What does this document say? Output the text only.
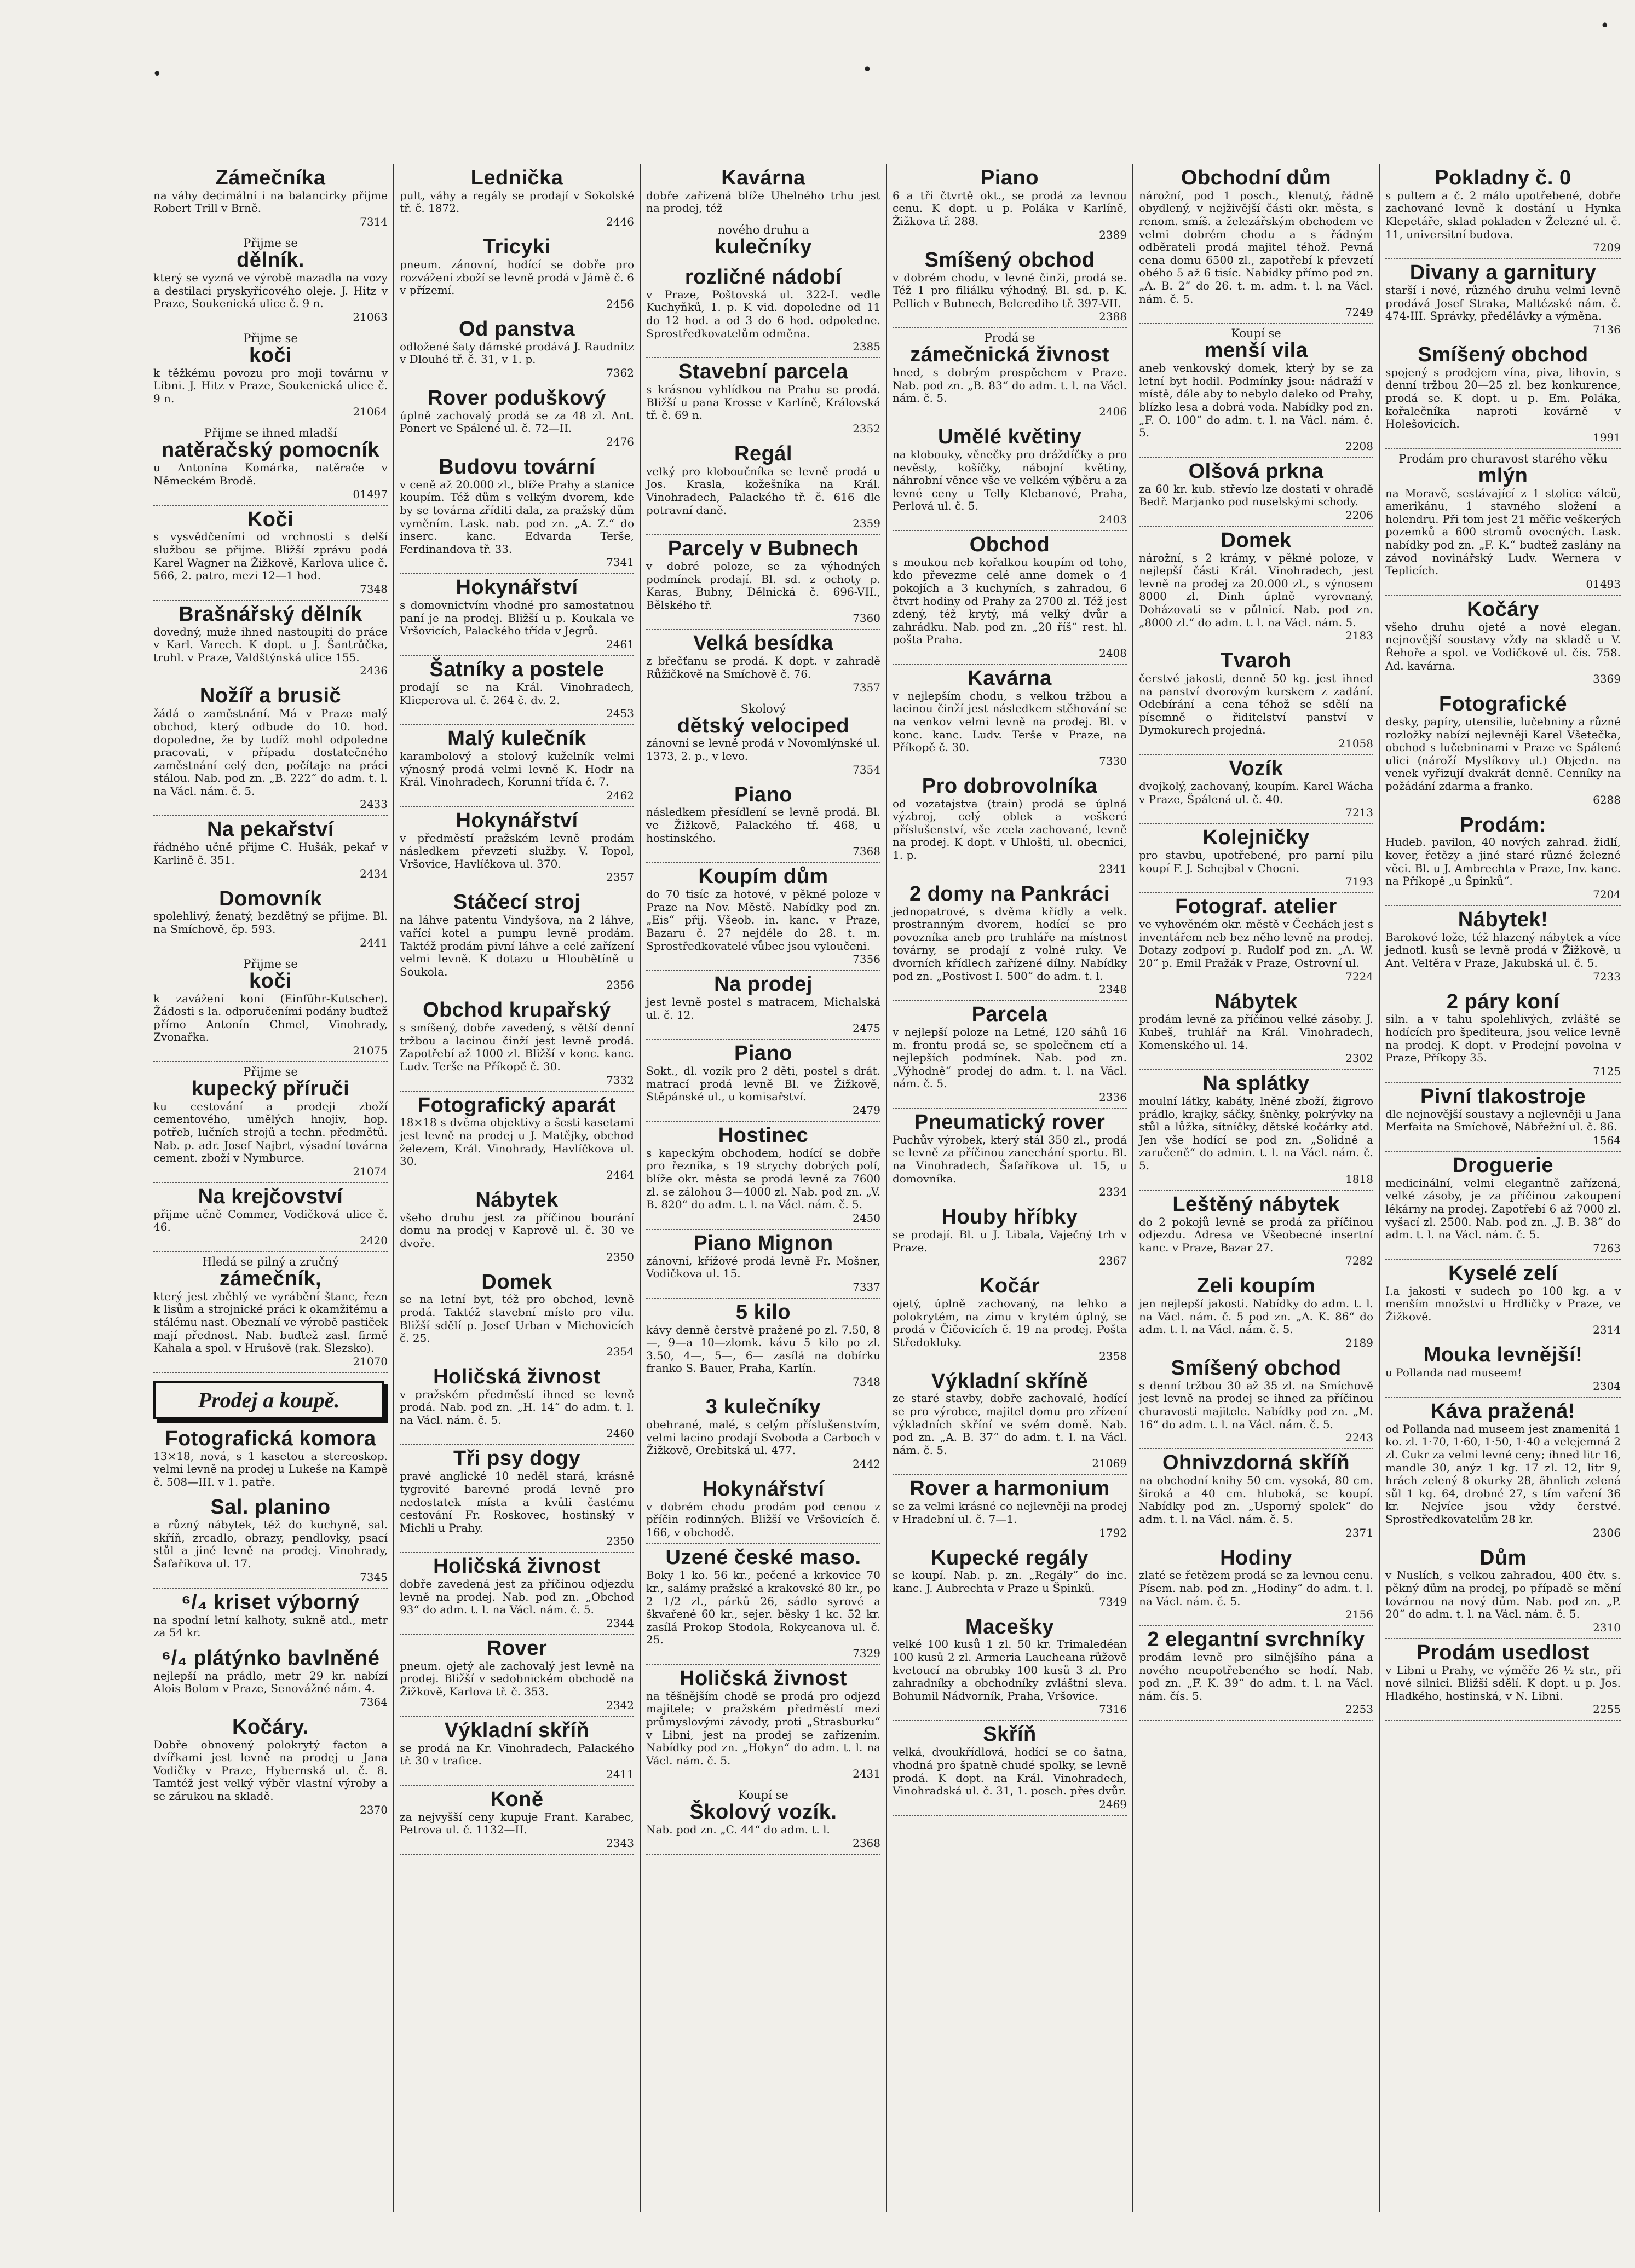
•	•
•
Zámečníka
na váhy decimální i na balancirky přijme Robert Trill v Brně.
7314
Přijme se
dělník.
který se vyzná ve výrobě mazadla na vozy a destilaci pryskyřicového oleje. J. Hitz v Praze, Soukenická ulice č. 9 n.
21063
Přijme se
koči
k těžkému povozu pro moji továrnu v Libni. J. Hitz v Praze, Soukenická ulice č. 9 n.
21064
Přijme se ihned mladší
natěračský pomocník
u Antonína Komárka, natěrače v Německém Brodě.
01497
Koči
s vysvědčeními od vrchnosti s delší službou se přijme. Bližší zprávu podá Karel Wagner na Žižkově, Karlova ulice č. 566, 2. patro, mezi 12—1 hod.
7348
Brašnářský dělník
dovedný, muže ihned nastoupiti do práce v Karl. Varech. K dopt. u J. Šantrůčka, truhl. v Praze, Valdštýnská ulice 155.
2436
Nožíř a brusič
žádá o zaměstnání. Má v Praze malý obchod, který odbude do 10. hod. dopoledne, že by tudíž mohl odpoledne pracovati, v případu dostatečného zaměstnání celý den, počítaje na práci stálou. Nab. pod zn. „B. 222“ do adm. t. l. na Václ. nám. č. 5.
2433
Na pekařství
řádného učně přijme C. Hušák, pekař v Karlině č. 351.
2434
Domovník
spolehlivý, ženatý, bezdětný se přijme. Bl. na Smíchově, čp. 593.
2441
Přijme se
koči
k zavážení koní (Einführ-Kutscher). Žádosti s la. odporučeními podány buďtež přímo Antonín Chmel, Vinohrady, Zvonařka.
21075
Přijme se
kupecký příruči
ku cestování a prodeji zboží cementového, umělých hnojiv, hop. potřeb, lučních strojů a techn. předmětů. Nab. p. adr. Josef Najbrt, výsadní továrna cement. zboží v Nymburce.
21074
Na krejčovství
přijme učně Commer, Vodičková ulice č. 46.
2420
Hledá se pilný a zručný
zámečník,
který jest zběhlý ve vyrábění štanc, řezn k lisům a strojnické práci k okamžitému a stálému nast. Obeznalí ve výrobě pastiček mají přednost. Nab. buďtež zasl. firmě Kahala a spol. v Hrušově (rak. Slezsko).
21070
Prodej a koupě.
Fotografická komora
13×18, nová, s 1 kasetou a stereoskop. velmi levně na prodej u Lukeše na Kampě č. 508—III. v 1. patře.
Sal. planino
a různý nábytek, též do kuchyně, sal. skříň, zrcadlo, obrazy, pendlovky, psací stůl a jiné levně na prodej. Vinohrady, Šafaříkova ul. 17.
7345
⁶/₄ kriset výborný
na spodní letní kalhoty, sukně atd., metr za 54 kr.
⁶/₄ plátýnko bavlněné
nejlepší na prádlo, metr 29 kr. nabízí Alois Bolom v Praze, Senovážné nám. 4.
7364
Kočáry.
Dobře obnovený polokrytý facton a dvířkami jest levně na prodej u Jana Vodičky v Praze, Hybernská ul. č. 8. Tamtéž jest velký výběr vlastní výroby a se zárukou na skladě.
2370
Lednička
pult, váhy a regály se prodají v Sokolské tř. č. 1872.
2446
Tricyki
pneum. zánovní, hodící se dobře pro rozvážení zboží se levně prodá v Jámě č. 6 v přízemí.
2456
Od panstva
odložené šaty dámské prodává J. Raudnitz v Dlouhé tř. č. 31, v 1. p.
7362
Rover poduškový
úplně zachovalý prodá se za 48 zl. Ant. Ponert ve Spálené ul. č. 72—II.
2476
Budovu tovární
v ceně až 20.000 zl., blíže Prahy a stanice koupím. Též dům s velkým dvorem, kde by se továrna zříditi dala, za pražský dům vyměním. Lask. nab. pod zn. „A. Z.“ do inserc. kanc. Edvarda Terše, Ferdinandova tř. 33.
7341
Hokynářství
s domovnictvím vhodné pro samostatnou paní je na prodej. Bližší u p. Koukala ve Vršovicích, Palackého třída v Jegrů.
2461
Šatníky a postele
prodají se na Král. Vinohradech, Klicperova ul. č. 264 č. dv. 2.
2453
Malý kulečník
karambolový a stolový kuželník velmi výnosný prodá velmi levně K. Hodr na Král. Vinohradech, Korunní třída č. 7.
2462
Hokynářství
v předměstí pražském levně prodám následkem převzetí služby. V. Topol, Vršovice, Havlíčkova ul. 370.
2357
Stáčecí stroj
na láhve patentu Vindyšova, na 2 láhve, vařící kotel a pumpu levně prodám. Taktéž prodám pivní láhve a celé zařízení velmi levně. K dotazu u Hloubětíně u Soukola.
2356
Obchod krupařský
s smíšený, dobře zavedený, s větší denní tržbou a lacinou činží jest levně prodá. Zapotřebí až 1000 zl. Bližší v konc. kanc. Ludv. Terše na Příkopě č. 30.
7332
Fotografický aparát
18×18 s dvěma objektivy a šesti kasetami jest levně na prodej u J. Matějky, obchod železem, Král. Vinohrady, Havlíčkova ul. 30.
2464
Nábytek
všeho druhu jest za příčinou bourání domu na prodej v Kaprově ul. č. 30 ve dvoře.
2350
Domek
se na letní byt, též pro obchod, levně prodá. Taktéž stavební místo pro vilu. Bližší sdělí p. Josef Urban v Michovicích č. 25.
2354
Holičská živnost
v pražském předměstí ihned se levně prodá. Nab. pod zn. „H. 14“ do adm. t. l. na Václ. nám. č. 5.
2460
Tři psy dogy
pravé anglické 10 neděl stará, krásně tygrovité barevné prodá levně pro nedostatek místa a kvůli častému cestování Fr. Roskovec, hostinský v Michli u Prahy.
2350
Holičská živnost
dobře zavedená jest za příčinou odjezdu levně na prodej. Nab. pod zn. „Obchod 93“ do adm. t. l. na Václ. nám. č. 5.
2344
Rover
pneum. ojetý ale zachovalý jest levně na prodej. Bližší v sedobnickém obchodě na Žižkově, Karlova tř. č. 353.
2342
Výkladní skříň
se prodá na Kr. Vinohradech, Palackého tř. 30 v trafice.
2411
Koně
za nejvyšší ceny kupuje Frant. Karabec, Petrova ul. č. 1132—II.
2343
Kavárna
dobře zařízená blíže Uhelného trhu jest na prodej, též
nového druhu a
kulečníky
rozličné nádobí
v Praze, Poštovská ul. 322-I. vedle Kuchyňků, 1. p. K vid. dopoledne od 11 do 12 hod. a od 3 do 6 hod. odpoledne. Sprostředkovatelům odměna.
2385
Stavební parcela
s krásnou vyhlídkou na Prahu se prodá. Bližší u pana Krosse v Karlíně, Královská tř. č. 69 n.
2352
Regál
velký pro kloboučníka se levně prodá u Jos. Krasla, kožešníka na Král. Vinohradech, Palackého tř. č. 616 dle potravní daně.
2359
Parcely v Bubnech
v dobré poloze, se za výhodných podmínek prodají. Bl. sd. z ochoty p. Karas, Bubny, Dělnická č. 696-VII., Bělského tř.
7360
Velká besídka
z břečťanu se prodá. K dopt. v zahradě Růžičkově na Smíchově č. 76.
7357
Skolový
dětský velociped
zánovní se levně prodá v Novomlýnské ul. 1373, 2. p., v levo.
7354
Piano
následkem přesídlení se levně prodá. Bl. ve Žižkově, Palackého tř. 468, u hostinského.
7368
Koupím dům
do 70 tisíc za hotové, v pěkné poloze v Praze na Nov. Městě. Nabídky pod zn. „Eis“ přij. Všeob. in. kanc. v Praze, Bazaru č. 27 nejdéle do 28. t. m. Sprostředkovatelé vůbec jsou vyloučeni.
7356
Na prodej
jest levně postel s matracem, Michalská ul. č. 12.
2475
Piano
Sokt., dl. vozík pro 2 děti, postel s drát. matrací prodá levně Bl. ve Žižkově, Stěpánské ul., u komisařství.
2479
Hostinec
s kapeckým obchodem, hodící se dobře pro řezníka, s 19 strychy dobrých polí, blíže okr. města se prodá levně za 7600 zl. se zálohou 3—4000 zl. Nab. pod zn. „V. B. 820“ do adm. t. l. na Václ. nám. č. 5.
2450
Piano Mignon
zánovní, křížové prodá levně Fr. Mošner, Vodičkova ul. 15.
7337
5 kilo
kávy denně čerstvě pražené po zl. 7.50, 8—, 9—a 10—zlomk. kávu 5 kilo po zl. 3.50, 4—, 5—, 6— zasílá na dobírku franko S. Bauer, Praha, Karlín.
7348
3 kulečníky
obehrané, malé, s celým příslušenstvím, velmi lacino prodají Svoboda a Carboch v Žižkově, Orebitská ul. 477.
2442
Hokynářství
v dobrém chodu prodám pod cenou z příčin rodinných. Bližší ve Vršovicích č. 166, v obchodě.
Uzené české maso.
Boky 1 ko. 56 kr., pečené a krkovice 70 kr., salámy pražské a krakovské 80 kr., po 2 1/2 zl., párků 26, sádlo syrové a škvařené 60 kr., sejer. běsky 1 kc. 52 kr. zasílá Prokop Stodola, Rokycanova ul. č. 25.
7329
Holičská živnost
na těšnějším chodě se prodá pro odjezd majitele; v pražském předměstí mezi průmyslovými závody, proti „Strasburku“ v Libni, jest na prodej se zařízením. Nabídky pod zn. „Hokyn“ do adm. t. l. na Václ. nám. č. 5.
2431
Koupí se
Školový vozík.
Nab. pod zn. „C. 44“ do adm. t. l.
2368
Piano
6 a tři čtvrtě okt., se prodá za levnou cenu. K dopt. u p. Poláka v Karlíně, Žižkova tř. 288.
2389
Smíšený obchod
v dobrém chodu, v levné činži, prodá se. Též 1 pro filiálku výhodný. Bl. sd. p. K. Pellich v Bubnech, Belcrediho tř. 397-VII.
2388
Prodá se
zámečnická živnost
hned, s dobrým prospěchem v Praze. Nab. pod zn. „B. 83“ do adm. t. l. na Václ. nám. č. 5.
2406
Umělé květiny
na klobouky, věnečky pro dráždíčky a pro nevěsty, košíčky, nábojní květiny, náhrobní věnce vše ve velkém výběru a za levné ceny u Telly Klebanové, Praha, Perlová ul. č. 5.
2403
Obchod
s moukou neb kořalkou koupím od toho, kdo převezme celé anne domek o 4 pokojích a 3 kuchyních, s zahradou, 6 čtvrt hodiny od Prahy za 2700 zl. Též jest zdený, též krytý, má velký dvůr a zahrádku. Nab. pod zn. „20 říš“ rest. hl. pošta Praha.
2408
Kavárna
v nejlepším chodu, s velkou tržbou a lacinou činží jest následkem stěhování se na venkov velmi levně na prodej. Bl. v konc. kanc. Ludv. Terše v Praze, na Příkopě č. 30.
7330
Pro dobrovolníka
od vozatajstva (train) prodá se úplná výzbroj, celý oblek a veškeré příslušenství, vše zcela zachované, levně na prodej. K dopt. v Uhlošti, ul. obecnici, 1. p.
2341
2 domy na Pankráci
jednopatrové, s dvěma křídly a velk. prostranným dvorem, hodící se pro povozníka aneb pro truhláře na místnost továrny, se prodají z volné ruky. Ve dvorních křídlech zařízené dílny. Nabídky pod zn. „Postivost I. 500“ do adm. t. l.
2348
Parcela
v nejlepší poloze na Letné, 120 sáhů 16 m. frontu prodá se, se společnem ctí a nejlepších podmínek. Nab. pod zn. „Výhodně“ prodej do adm. t. l. na Václ. nám. č. 5.
2336
Pneumatický rover
Puchův výrobek, který stál 350 zl., prodá se levně za příčinou zanechání sportu. Bl. na Vinohradech, Šafaříkova ul. 15, u domovníka.
2334
Houby hříbky
se prodají. Bl. u J. Libala, Vaječný trh v Praze.
2367
Kočár
ojetý, úplně zachovaný, na lehko a polokrytém, na zimu v krytém úplný, se prodá v Čičovicích č. 19 na prodej. Pošta Středokluky.
2358
Výkladní skříně
ze staré stavby, dobře zachovalé, hodící se pro výrobce, majitel domu pro zřízení výkladních skříní ve svém domě. Nab. pod zn. „A. B. 37“ do adm. t. l. na Václ. nám. č. 5.
21069
Rover a harmonium
se za velmi krásné co nejlevněji na prodej v Hradební ul. č. 7—1.
1792
Kupecké regály
se koupí. Nab. p. zn. „Regály“ do inc. kanc. J. Aubrechta v Praze u Špinků.
7349
Macešky
velké 100 kusů 1 zl. 50 kr. Trimaledéan 100 kusů 2 zl. Armeria Laucheana růžově kvetoucí na obrubky 100 kusů 3 zl. Pro zahradníky a obchodníky zvláštní sleva. Bohumil Nádvorník, Praha, Vršovice.
7316
Skříň
velká, dvoukřídlová, hodící se co šatna, vhodná pro špatně chudé spolky, se levně prodá. K dopt. na Král. Vinohradech, Vinohradská ul. č. 31, 1. posch. přes dvůr.
2469
Obchodní dům
nárožní, pod 1 posch., klenutý, řádně obydlený, v nejživější části okr. města, s renom. smíš. a železářským obchodem ve velmi dobrém chodu a s řádným odběrateli prodá majitel téhož. Pevná cena domu 6500 zl., zapotřebí k převzetí obého 5 až 6 tisíc. Nabídky přímo pod zn. „A. B. 2“ do 26. t. m. adm. t. l. na Václ. nám. č. 5.
7249
Koupí se
menší vila
aneb venkovský domek, který by se za letní byt hodil. Podmínky jsou: nádraží v místě, dále aby to nebylo daleko od Prahy, blízko lesa a dobrá voda. Nabídky pod zn. „F. O. 100“ do adm. t. l. na Václ. nám. č. 5.
2208
Olšová prkna
za 60 kr. kub. střevío lze dostati v ohradě Bedř. Marjanko pod nuselskými schody.
2206
Domek
nárožní, s 2 krámy, v pěkné poloze, v nejlepší části Král. Vinohradech, jest levně na prodej za 20.000 zl., s výnosem 8000 zl. Dinh úplně vyrovnaný. Doházovati se v půlnicí. Nab. pod zn. „8000 zl.“ do adm. t. l. na Václ. nám. 5.
2183
Tvaroh
čerstvé jakosti, denně 50 kg. jest ihned na panství dvorovým kurskem z zadání. Odebírání a cena téhož se sdělí na písemně o řiditelství panství v Dymokurech projedná.
21058
Vozík
dvojkolý, zachovaný, koupím. Karel Wácha v Praze, Špálená ul. č. 40.
7213
Kolejničky
pro stavbu, upotřebené, pro parní pilu koupí F. J. Schejbal v Chocni.
7193
Fotograf. atelier
ve vyhověném okr. městě v Čechách jest s inventářem neb bez něho levně na prodej. Dotazy zodpoví p. Rudolf pod zn. „A. W. 20“ p. Emil Pražák v Praze, Ostrovní ul.
7224
Nábytek
prodám levně za příčinou velké zásoby. J. Kubeš, truhlář na Král. Vinohradech, Komenského ul. 14.
2302
Na splátky
moulní látky, kabáty, lněné zboží, žigrovo prádlo, krajky, sáčky, šněnky, pokrývky na stůl a lůžka, sítníčky, dětské kočárky atd. Jen vše hodící se pod zn. „Solidně a zaručeně“ do admin. t. l. na Václ. nám. č. 5.
1818
Leštěný nábytek
do 2 pokojů levně se prodá za příčinou odjezdu. Adresa ve Všeobecné insertní kanc. v Praze, Bazar 27.
7282
Zeli koupím
jen nejlepší jakosti. Nabídky do adm. t. l. na Václ. nám. č. 5 pod zn. „A. K. 86“ do adm. t. l. na Václ. nám. č. 5.
2189
Smíšený obchod
s denní tržbou 30 až 35 zl. na Smíchově jest levně na prodej se ihned za příčinou churavosti majitele. Nabídky pod zn. „M. 16“ do adm. t. l. na Václ. nám. č. 5.
2243
Ohnivzdorná skříň
na obchodní knihy 50 cm. vysoká, 80 cm. široká a 40 cm. hluboká, se koupí. Nabídky pod zn. „Usporný spolek“ do adm. t. l. na Václ. nám. č. 5.
2371
Hodiny
zlaté se řetězem prodá se za levnou cenu. Písem. nab. pod zn. „Hodiny“ do adm. t. l. na Václ. nám. č. 5.
2156
2 elegantní svrchníky
prodám levně pro silnějšího pána a nového neupotřebeného se hodí. Nab. pod zn. „F. K. 39“ do adm. t. l. na Václ. nám. čís. 5.
2253
Pokladny č. 0
s pultem a č. 2 málo upotřebené, dobře zachované levně k dostání u Hynka Klepetáře, sklad pokladen v Železné ul. č. 11, universitní budova.
7209
Divany a garnitury
starší i nové, různého druhu velmi levně prodává Josef Straka, Maltézské nám. č. 474-III. Správky, předělávky a výměna.
7136
Smíšený obchod
spojený s prodejem vína, piva, lihovin, s denní tržbou 20—25 zl. bez konkurence, prodá se. K dopt. u p. Em. Poláka, kořalečníka naproti kovárně v Holešovicích.
1991
Prodám pro churavost starého věku
mlýn
na Moravě, sestávající z 1 stolice válců, amerikánu, 1 stavného složení a holendru. Při tom jest 21 měřic veškerých pozemků a 600 stromů ovocných. Lask. nabídky pod zn. „F. K.“ budtež zaslány na závod novinářský Ludv. Wernera v Teplicích.
01493
Kočáry
všeho druhu ojeté a nové elegan. nejnovější soustavy vždy na skladě u V. Řehoře a spol. ve Vodičkově ul. čís. 758. Ad. kavárna.
3369
Fotografické
desky, papíry, utensilie, lučebniny a různé rozložky nabízí nejlevněji Karel Všetečka, obchod s lučebninami v Praze ve Spálené ulici (nároží Myslíkovy ul.) Objedn. na venek vyřizují dvakrát denně. Cenníky na požádání zdarma a franko.
6288
Prodám:
Hudeb. pavilon, 40 nových zahrad. židlí, kover, řetězy a jiné staré různé železné věci. Bl. u J. Ambrechta v Praze, Inv. kanc. na Příkopě „u Špinků“.
7204
Nábytek!
Barokové lože, též hlazený nábytek a více jednotl. kusů se levně prodá v Žižkově, u Ant. Veltěra v Praze, Jakubská ul. č. 5.
7233
2 páry koní
siln. a v tahu spolehlivých, zvláště se hodících pro špediteura, jsou velice levně na prodej. K dopt. v Prodejní povolna v Praze, Příkopy 35.
7125
Pivní tlakostroje
dle nejnovější soustavy a nejlevněji u Jana Merfaita na Smíchově, Nábřežní ul. č. 86.
1564
Droguerie
medicinální, velmi elegantně zařízená, velké zásoby, je za příčinou zakoupení lékárny na prodej. Zapotřebí 6 až 7000 zl. vyšací zl. 2500. Nab. pod zn. „J. B. 38“ do adm. t. l. na Václ. nám. č. 5.
7263
Kyselé zelí
I.a jakosti v sudech po 100 kg. a v menším množství u Hrdličky v Praze, ve Žižkově.
2314
Mouka levnější!
u Pollanda nad museem!
2304
Káva pražená!
od Pollanda nad museem jest znamenitá 1 ko. zl. 1·70, 1·60, 1·50, 1·40 a velejemná 2 zl. Cukr za velmi levné ceny; ihned litr 16, mandle 30, anýz 1 kg. 17 zl. 12, litr 9, hrách zelený 8 okurky 28, ähnlich zelená sůl 1 kg. 64, drobné 27, s tím vaření 36 kr. Nejvíce jsou vždy čerstvé. Sprostředkovatelům 28 kr.
2306
Dům
v Nuslích, s velkou zahradou, 400 čtv. s. pěkný dům na prodej, po případě se mění továrnou na nový dům. Nab. pod zn. „P. 20“ do adm. t. l. na Václ. nám. č. 5.
2310
Prodám usedlost
v Libni u Prahy, ve výměře 26 ½ str., při nové silnici. Bližší sdělí. K dopt. u p. Jos. Hladkého, hostinská, v N. Libni.
2255
